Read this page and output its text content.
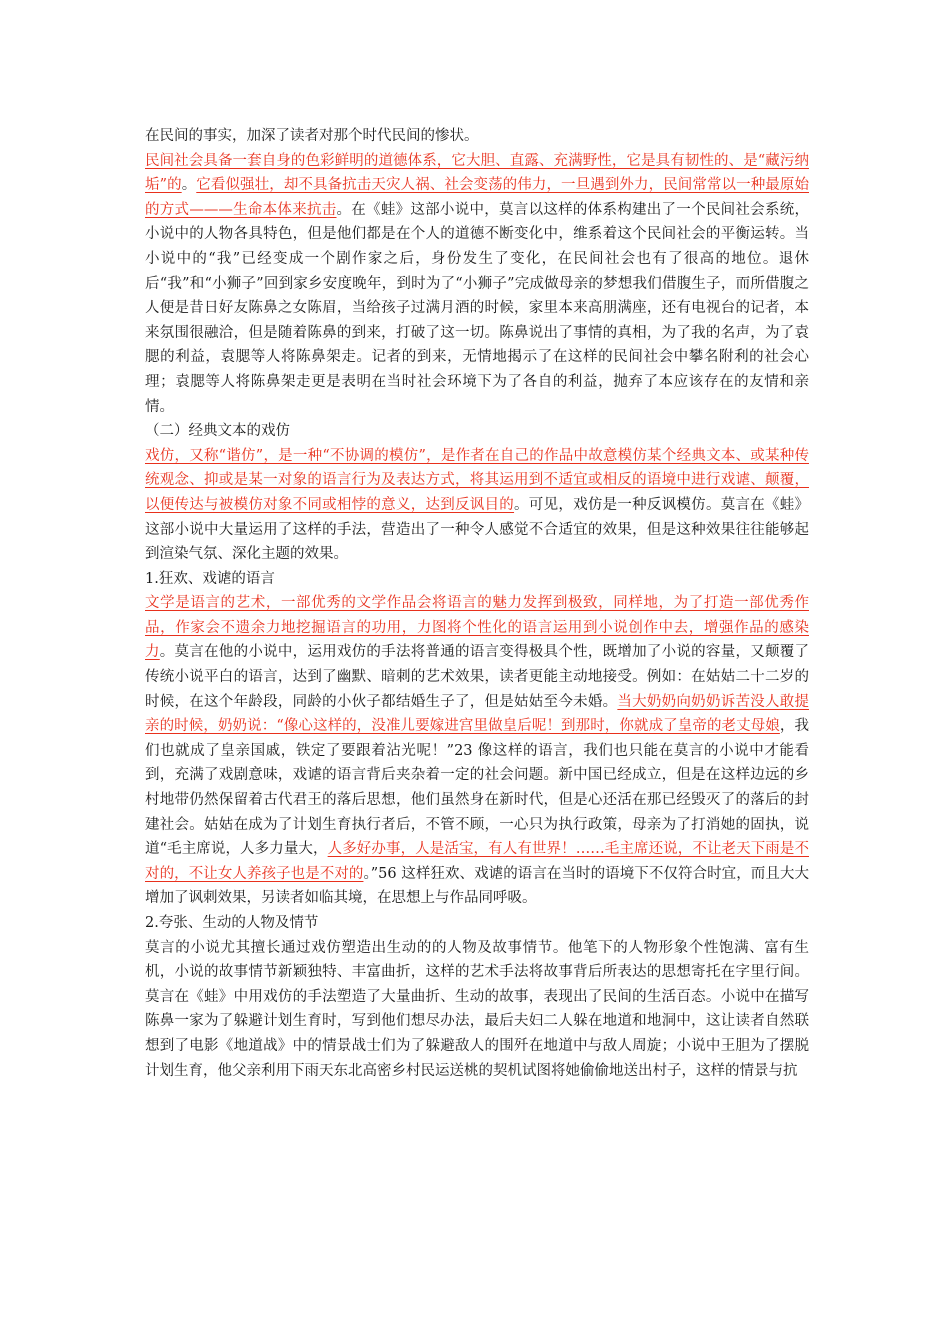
在民间的事实，加深了读者对那个时代民间的惨状。

民间社会具备一套自身的色彩鲜明的道德体系，它大胆、直露、充满野性，它是具有韧性的、是“藏污纳垢”的。它看似强壮，却不具备抗击天灾人祸、社会变荡的伟力，一旦遇到外力，民间常常以一种最原始的方式———生命本体来抗击。在《蛙》这部小说中，莫言以这样的体系构建出了一个民间社会系统，小说中的人物各具特色，但是他们都是在个人的道德不断变化中，维系着这个民间社会的平衡运转。当小说中的“我”已经变成一个剧作家之后，身份发生了变化，在民间社会也有了很高的地位。退休后“我”和“小狮子”回到家乡安度晚年，到时为了“小狮子”完成做母亲的梦想我们借腹生子，而所借腹之人便是昔日好友陈鼻之女陈眉，当给孩子过满月酒的时候，家里本来高朋满座，还有电视台的记者，本来氛围很融洽，但是随着陈鼻的到来，打破了这一切。陈鼻说出了事情的真相，为了我的名声，为了袁腮的利益，袁腮等人将陈鼻架走。记者的到来，无情地揭示了在这样的民间社会中攀名附利的社会心理；袁腮等人将陈鼻架走更是表明在当时社会环境下为了各自的利益，抛弃了本应该存在的友情和亲情。

（二）经典文本的戏仿

戏仿，又称“谐仿”，是一种“不协调的模仿”，是作者在自己的作品中故意模仿某个经典文本、或某种传统观念、抑或是某一对象的语言行为及表达方式，将其运用到不适宜或相反的语境中进行戏谑、颠覆，以便传达与被模仿对象不同或相悖的意义，达到反讽目的。可见，戏仿是一种反讽模仿。莫言在《蛙》这部小说中大量运用了这样的手法，营造出了一种令人感觉不合适宜的效果，但是这种效果往往能够起到渲染气氛、深化主题的效果。

1.狂欢、戏谑的语言

文学是语言的艺术，一部优秀的文学作品会将语言的魅力发挥到极致，同样地，为了打造一部优秀作品，作家会不遗余力地挖掘语言的功用，力图将个性化的语言运用到小说创作中去，增强作品的感染力。莫言在他的小说中，运用戏仿的手法将普通的语言变得极具个性，既增加了小说的容量，又颠覆了传统小说平白的语言，达到了幽默、暗刺的艺术效果，读者更能主动地接受。例如：在姑姑二十二岁的时候，在这个年龄段，同龄的小伙子都结婚生子了，但是姑姑至今未婚。当大奶奶向奶奶诉苦没人敢提亲的时候，奶奶说：“像心这样的，没准儿要嫁进宫里做皇后呢！到那时，你就成了皇帝的老丈母娘，我们也就成了皇亲国戚，铁定了要跟着沾光呢！”23 像这样的语言，我们也只能在莫言的小说中才能看到，充满了戏剧意味，戏谑的语言背后夹杂着一定的社会问题。新中国已经成立，但是在这样边远的乡村地带仍然保留着古代君王的落后思想，他们虽然身在新时代，但是心还活在那已经毁灭了的落后的封建社会。姑姑在成为了计划生育执行者后，不管不顾，一心只为执行政策，母亲为了打消她的固执，说道“毛主席说，人多力量大，人多好办事，人是活宝，有人有世界！……毛主席还说，不让老天下雨是不对的，不让女人养孩子也是不对的。”56 这样狂欢、戏谑的语言在当时的语境下不仅符合时宜，而且大大增加了讽刺效果，另读者如临其境，在思想上与作品同呼吸。

2.夸张、生动的人物及情节

莫言的小说尤其擅长通过戏仿塑造出生动的的人物及故事情节。他笔下的人物形象个性饱满、富有生机，小说的故事情节新颖独特、丰富曲折，这样的艺术手法将故事背后所表达的思想寄托在字里行间。莫言在《蛙》中用戏仿的手法塑造了大量曲折、生动的故事，表现出了民间的生活百态。小说中在描写陈鼻一家为了躲避计划生育时，写到他们想尽办法，最后夫妇二人躲在地道和地洞中，这让读者自然联想到了电影《地道战》中的情景战士们为了躲避敌人的围歼在地道中与敌人周旋；小说中王胆为了摆脱计划生育，他父亲利用下雨天东北高密乡村民运送桃的契机试图将她偷偷地送出村子，这样的情景与抗
